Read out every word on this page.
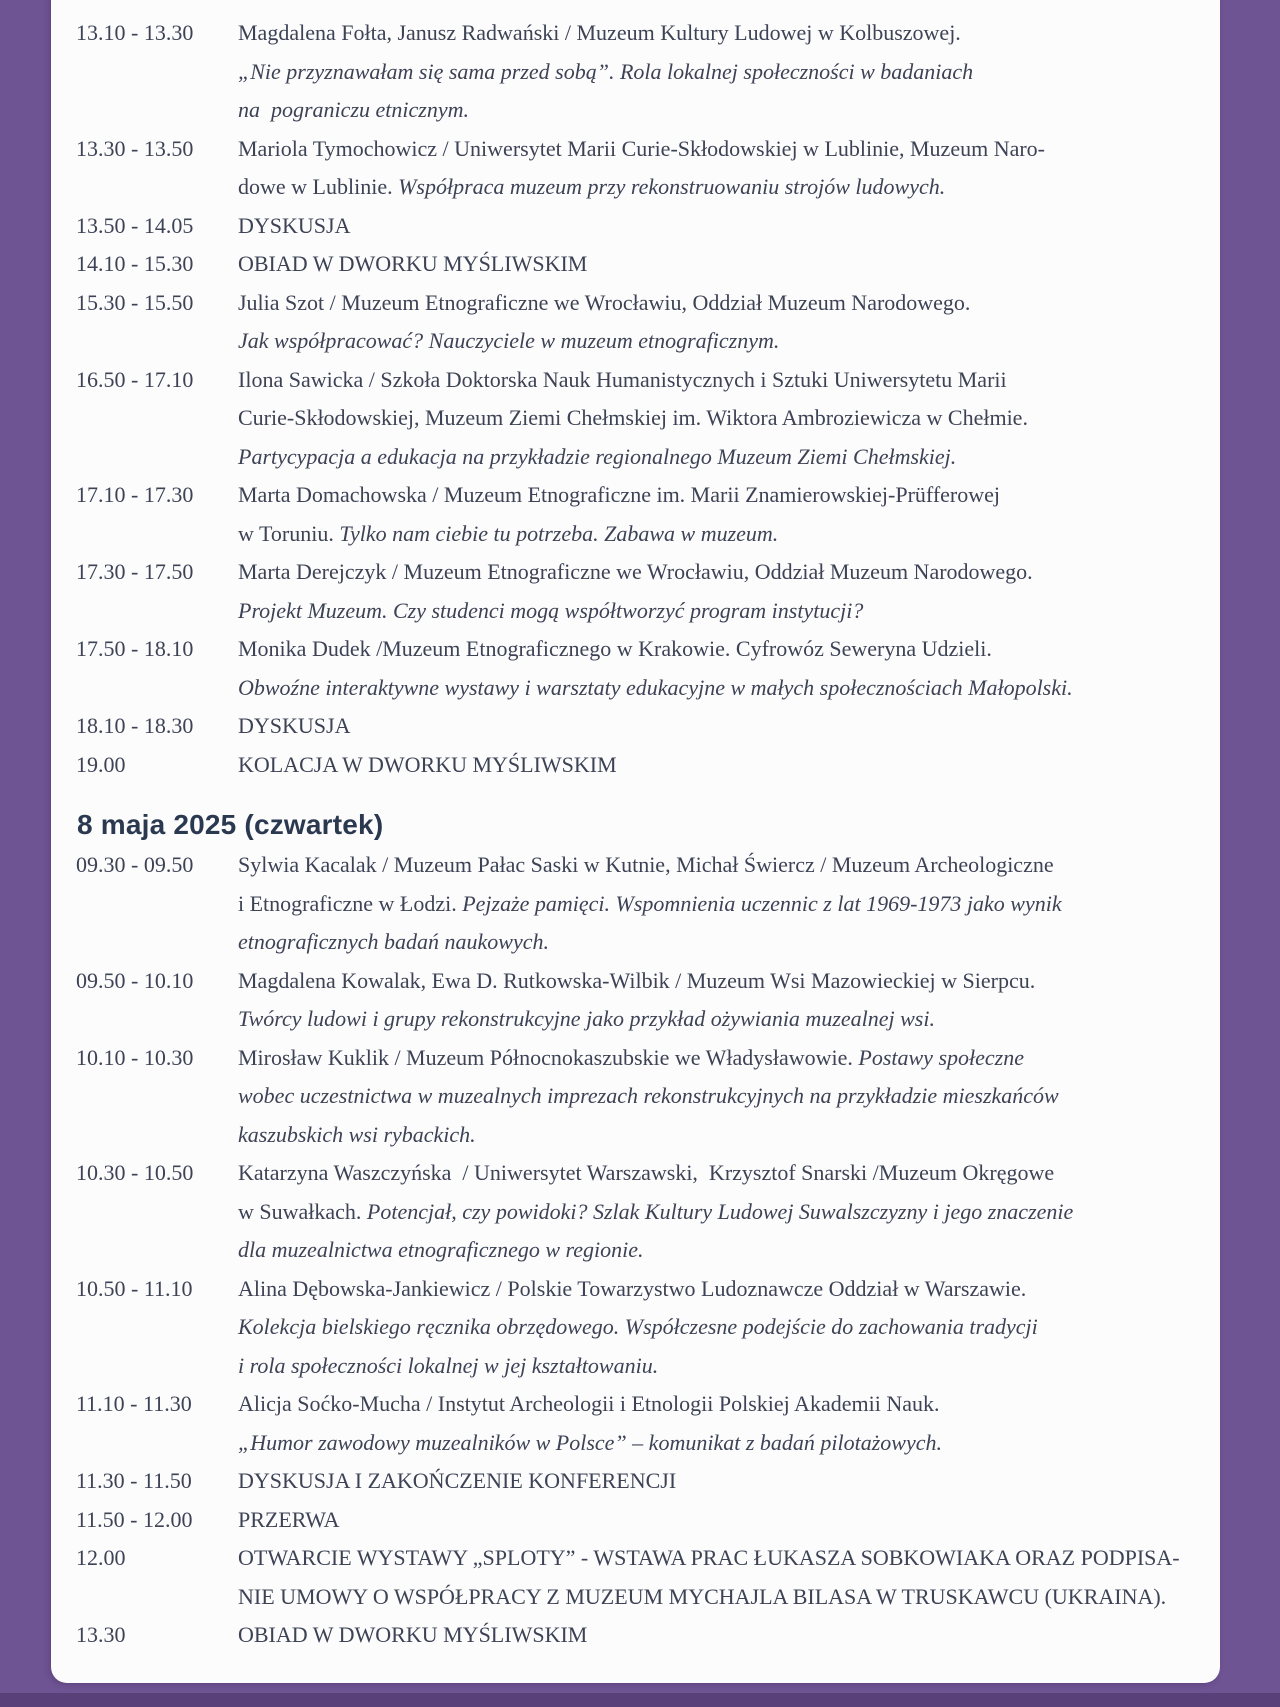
13.10 - 13.30	Magdalena Fołta, Janusz Radwański / Muzeum Kultury Ludowej w Kolbuszowej.
„Nie przyznawałam się sama przed sobą”. Rola lokalnej społeczności w badaniach
na  pograniczu etnicznym.
13.30 - 13.50	Mariola Tymochowicz / Uniwersytet Marii Curie-Skłodowskiej w Lublinie, Muzeum Naro-
dowe w Lublinie. Współpraca muzeum przy rekonstruowaniu strojów ludowych.
13.50 - 14.05	DYSKUSJA
14.10 - 15.30	OBIAD W DWORKU MYŚLIWSKIM
15.30 - 15.50	Julia Szot / Muzeum Etnograficzne we Wrocławiu, Oddział Muzeum Narodowego.
Jak współpracować? Nauczyciele w muzeum etnograficznym.
16.50 - 17.10	Ilona Sawicka / Szkoła Doktorska Nauk Humanistycznych i Sztuki Uniwersytetu Marii
Curie-Skłodowskiej, Muzeum Ziemi Chełmskiej im. Wiktora Ambroziewicza w Chełmie.
Partycypacja a edukacja na przykładzie regionalnego Muzeum Ziemi Chełmskiej.
17.10 - 17.30	Marta Domachowska / Muzeum Etnograficzne im. Marii Znamierowskiej-Prüfferowej
w Toruniu. Tylko nam ciebie tu potrzeba. Zabawa w muzeum.
17.30 - 17.50	Marta Derejczyk / Muzeum Etnograficzne we Wrocławiu, Oddział Muzeum Narodowego.
Projekt Muzeum. Czy studenci mogą współtworzyć program instytucji?
17.50 - 18.10	Monika Dudek /Muzeum Etnograficznego w Krakowie. Cyfrowóz Seweryna Udzieli.
Obwoźne interaktywne wystawy i warsztaty edukacyjne w małych społecznościach Małopolski.
18.10 - 18.30	DYSKUSJA
19.00	KOLACJA W DWORKU MYŚLIWSKIM
8 maja 2025 (czwartek)
09.30 - 09.50	Sylwia Kacalak / Muzeum Pałac Saski w Kutnie, Michał Świercz / Muzeum Archeologiczne
i Etnograficzne w Łodzi. Pejzaże pamięci. Wspomnienia uczennic z lat 1969-1973 jako wynik
etnograficznych badań naukowych.
09.50 - 10.10	Magdalena Kowalak, Ewa D. Rutkowska-Wilbik / Muzeum Wsi Mazowieckiej w Sierpcu.
Twórcy ludowi i grupy rekonstrukcyjne jako przykład ożywiania muzealnej wsi.
10.10 - 10.30	Mirosław Kuklik / Muzeum Północnokaszubskie we Władysławowie. Postawy społeczne
wobec uczestnictwa w muzealnych imprezach rekonstrukcyjnych na przykładzie mieszkańców
kaszubskich wsi rybackich.
10.30 - 10.50	Katarzyna Waszczyńska  / Uniwersytet Warszawski,  Krzysztof Snarski /Muzeum Okręgowe
w Suwałkach. Potencjał, czy powidoki? Szlak Kultury Ludowej Suwalszczyzny i jego znaczenie
dla muzealnictwa etnograficznego w regionie.
10.50 - 11.10	Alina Dębowska-Jankiewicz / Polskie Towarzystwo Ludoznawcze Oddział w Warszawie.
Kolekcja bielskiego ręcznika obrzędowego. Współczesne podejście do zachowania tradycji
i rola społeczności lokalnej w jej kształtowaniu.
11.10 - 11.30	Alicja Soćko-Mucha / Instytut Archeologii i Etnologii Polskiej Akademii Nauk.
„Humor zawodowy muzealników w Polsce” – komunikat z badań pilotażowych.
11.30 - 11.50	DYSKUSJA I ZAKOŃCZENIE KONFERENCJI
11.50 - 12.00	PRZERWA
12.00	OTWARCIE WYSTAWY „SPLOTY” - WSTAWA PRAC ŁUKASZA SOBKOWIAKA ORAZ PODPISA-
NIE UMOWY O WSPÓŁPRACY Z MUZEUM MYCHAJLA BILASA W TRUSKAWCU (UKRAINA).
13.30	OBIAD W DWORKU MYŚLIWSKIM
